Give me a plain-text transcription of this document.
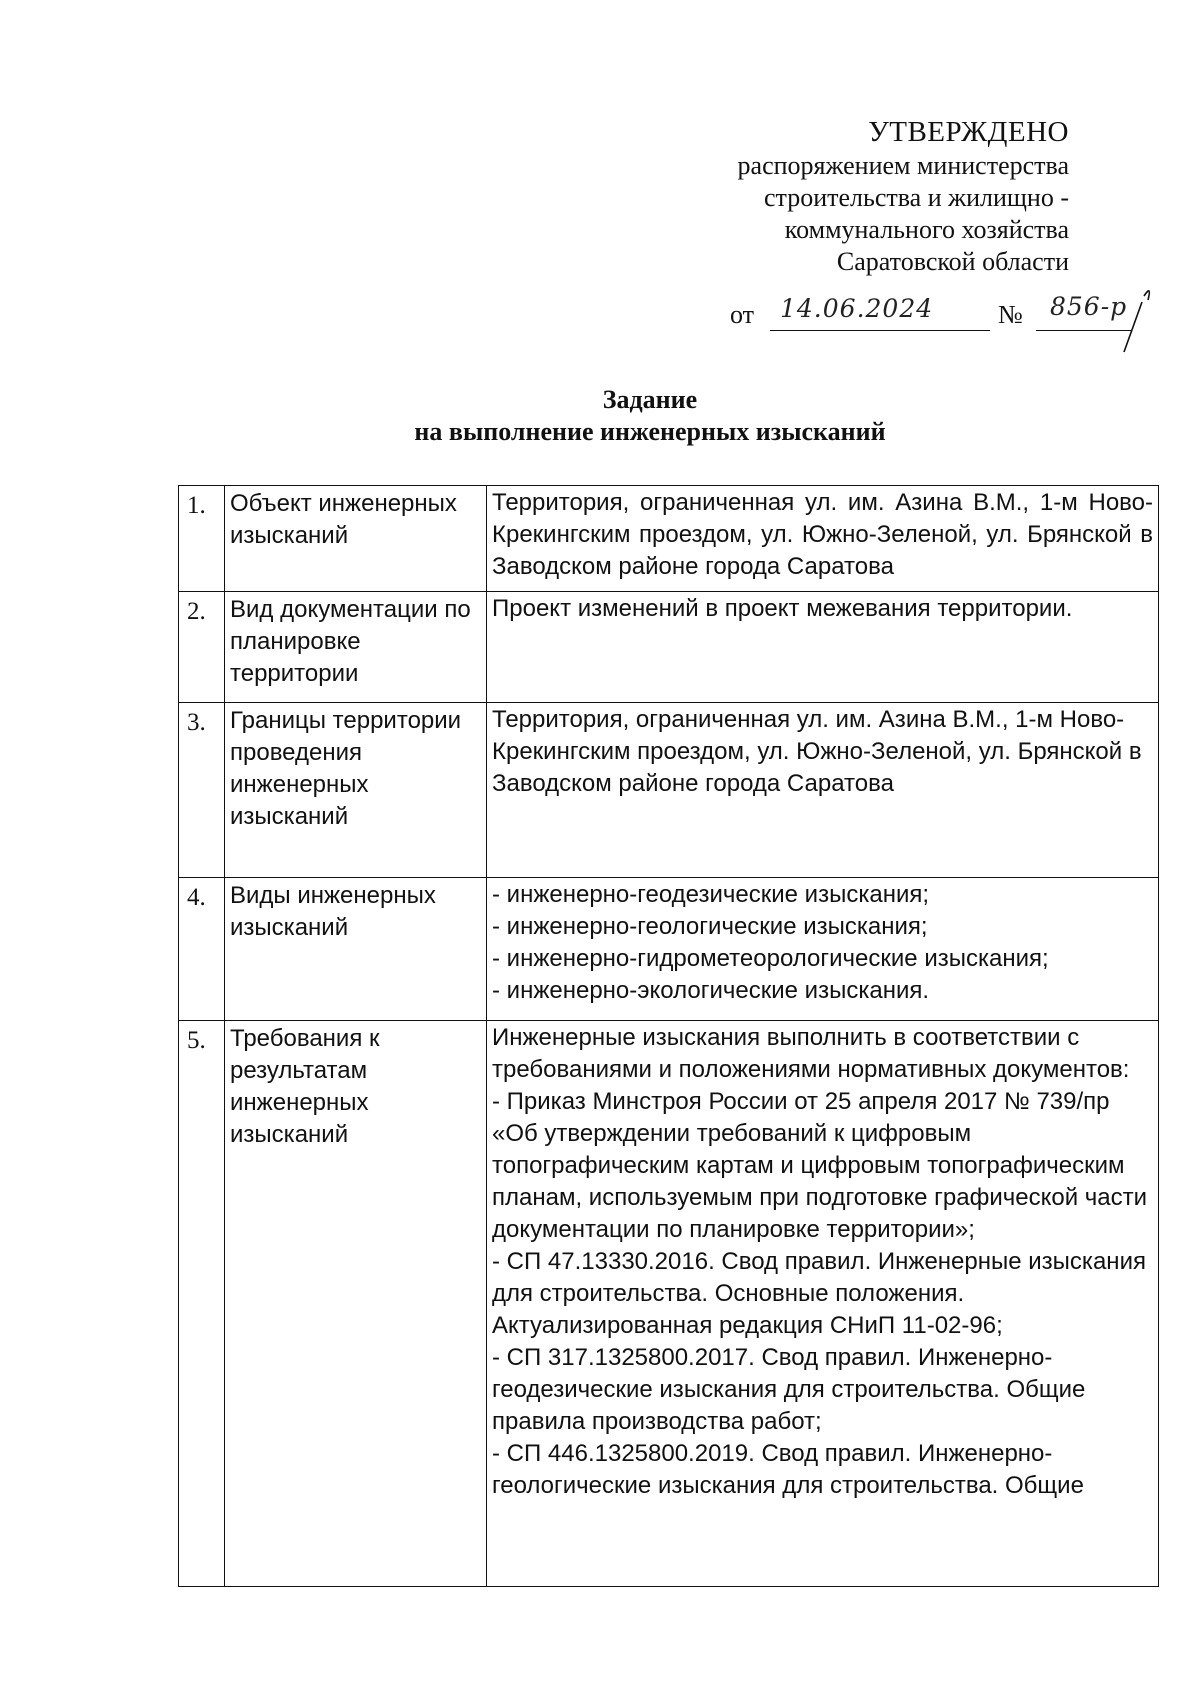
УТВЕРЖДЕНО
распоряжением министерства
строительства и жилищно -
коммунального хозяйства
Саратовской области
от 14.06.2024 № 856-р
Задание
на выполнение инженерных изысканий
1.	Объект инженерных изысканий	Территория, ограниченная ул. им. Азина В.М., 1-м Ново-Крекингским проездом, ул. Южно-Зеленой, ул. Брянской в Заводском районе города Саратова

2.	Вид документации по планировке территории	Проект изменений в проект межевания территории.

3.	Границы территории проведения инженерных изысканий	Территория, ограниченная ул. им. Азина В.М., 1-м Ново-Крекингским проездом, ул. Южно-Зеленой, ул. Брянской в Заводском районе города Саратова

4.	Виды инженерных изысканий	- инженерно-геодезические изыскания;
- инженерно-геологические изыскания;
- инженерно-гидрометеорологические изыскания;
- инженерно-экологические изыскания.

5.	Требования к результатам инженерных изысканий	Инженерные изыскания выполнить в соответствии с требованиями и положениями нормативных документов:
- Приказ Минстроя России от 25 апреля 2017 № 739/пр «Об утверждении требований к цифровым топографическим картам и цифровым топографическим планам, используемым при подготовке графической части документации по планировке территории»;
- СП 47.13330.2016. Свод правил. Инженерные изыскания для строительства. Основные положения. Актуализированная редакция СНиП 11-02-96;
- СП 317.1325800.2017. Свод правил. Инженерно-геодезические изыскания для строительства. Общие правила производства работ;
- СП 446.1325800.2019. Свод правил. Инженерно-геологические изыскания для строительства. Общие
